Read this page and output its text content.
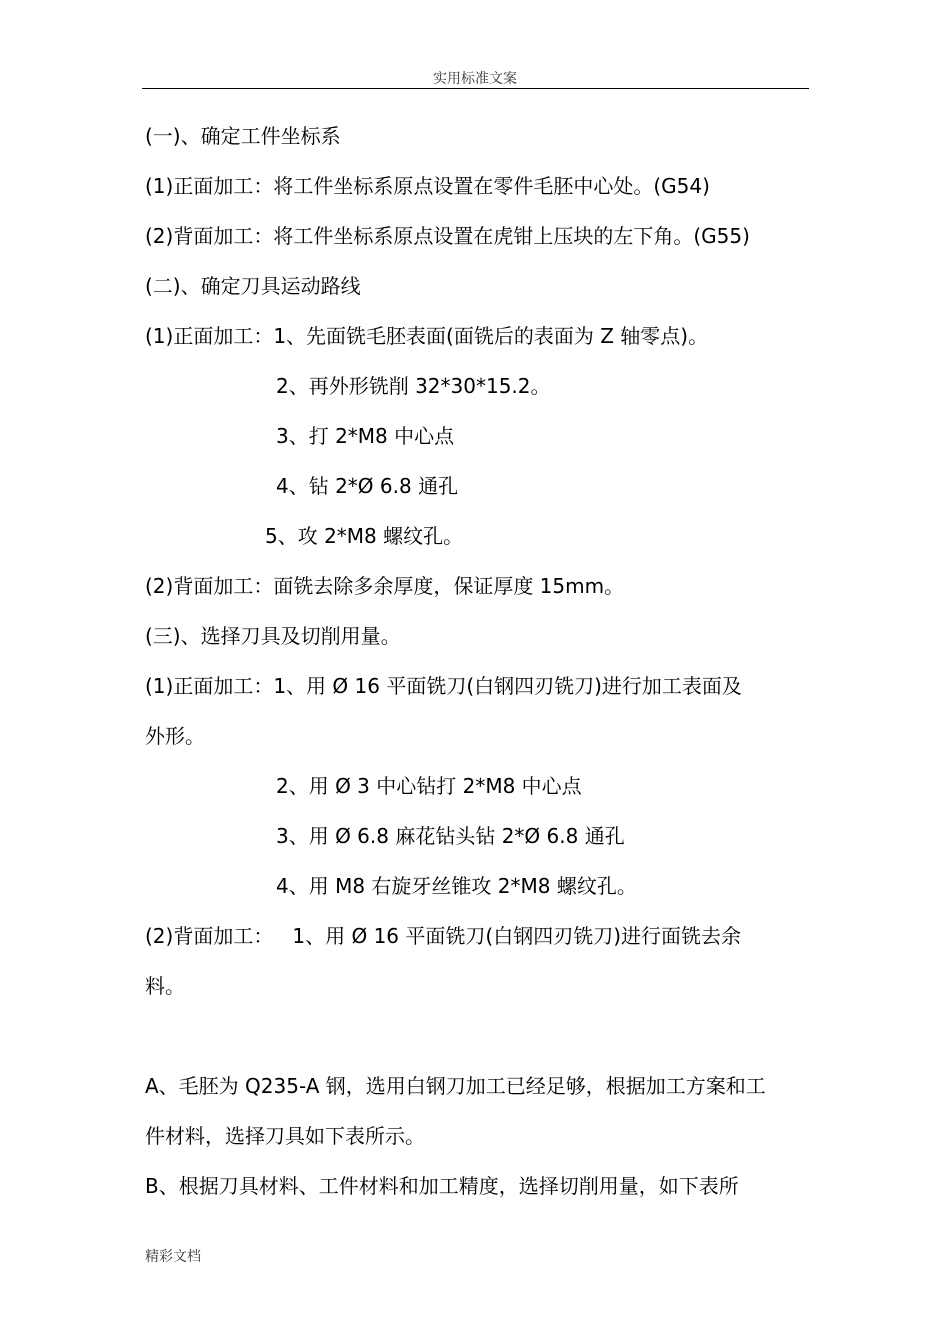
实用标准文案
(一)、确定工件坐标系
(1)正面加工：将工件坐标系原点设置在零件毛胚中心处。(G54)
(2)背面加工：将工件坐标系原点设置在虎钳上压块的左下角。(G55)
(二)、确定刀具运动路线
(1)正面加工：1、先面铣毛胚表面(面铣后的表面为 Z 轴零点)。
2、再外形铣削 32*30*15.2。
3、打 2*M8 中心点
4、钻 2*Ø 6.8 通孔
5、攻 2*M8 螺纹孔。
(2)背面加工：面铣去除多余厚度，保证厚度 15mm。
(三)、选择刀具及切削用量。
(1)正面加工：1、用 Ø 16 平面铣刀(白钢四刃铣刀)进行加工表面及
外形。
2、用 Ø 3 中心钻打 2*M8 中心点
3、用 Ø 6.8 麻花钻头钻 2*Ø 6.8 通孔
4、用 M8 右旋牙丝锥攻 2*M8 螺纹孔。
(2)背面加工：   1、用 Ø 16 平面铣刀(白钢四刃铣刀)进行面铣去余
料。
A、毛胚为 Q235-A 钢，选用白钢刀加工已经足够，根据加工方案和工
件材料，选择刀具如下表所示。
B、根据刀具材料、工件材料和加工精度，选择切削用量，如下表所
精彩文档
